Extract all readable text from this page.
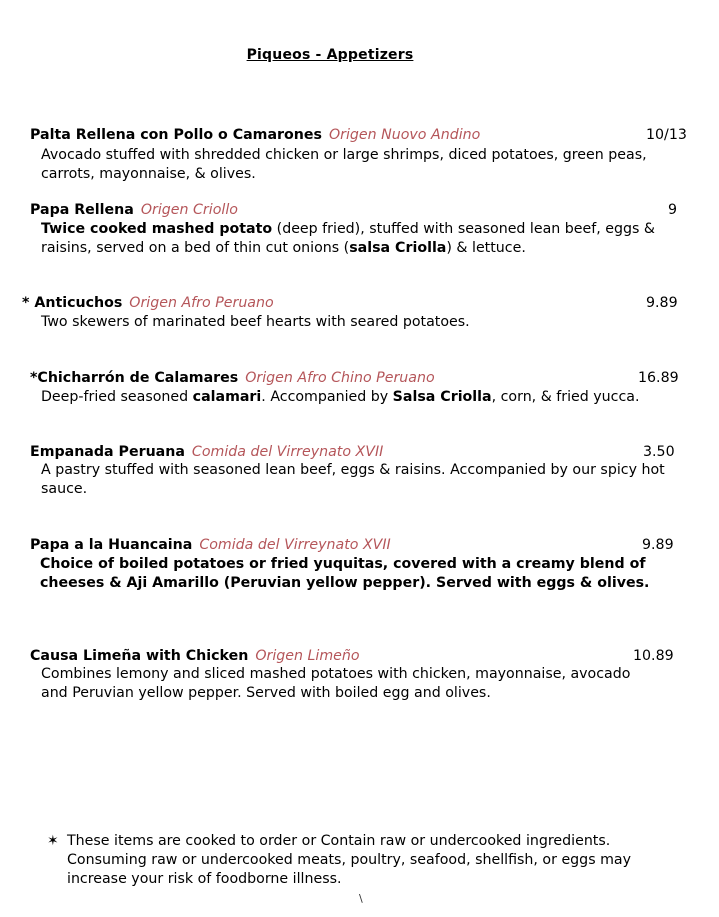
Piqueos - Appetizers
Palta Rellena con Pollo o Camarones Origen Nuovo Andino	10/13
Avocado stuffed with shredded chicken or large shrimps, diced potatoes, green peas, carrots, mayonnaise, & olives.
Papa Rellena Origen Criollo	9
Twice cooked mashed potato (deep fried), stuffed with seasoned lean beef, eggs & raisins, served on a bed of thin cut onions (salsa Criolla) & lettuce.
* Anticuchos Origen Afro Peruano	9.89
Two skewers of marinated beef hearts with seared potatoes.
*Chicharrón de Calamares Origen Afro Chino Peruano	16.89
Deep-fried seasoned calamari. Accompanied by Salsa Criolla, corn, & fried yucca.
Empanada Peruana Comida del Virreynato XVII	3.50
A pastry stuffed with seasoned lean beef, eggs & raisins. Accompanied by our spicy hot sauce.
Papa a la Huancaina Comida del Virreynato XVII	9.89
Choice of boiled potatoes or fried yuquitas, covered with a creamy blend of cheeses & Aji Amarillo (Peruvian yellow pepper). Served with eggs & olives.
Causa Limeña with Chicken Origen Limeño	10.89
Combines lemony and sliced mashed potatoes with chicken, mayonnaise, avocado and Peruvian yellow pepper. Served with boiled egg and olives.
✶ These items are cooked to order or Contain raw or undercooked ingredients. Consuming raw or undercooked meats, poultry, seafood, shellfish, or eggs may increase your risk of foodborne illness.
\
